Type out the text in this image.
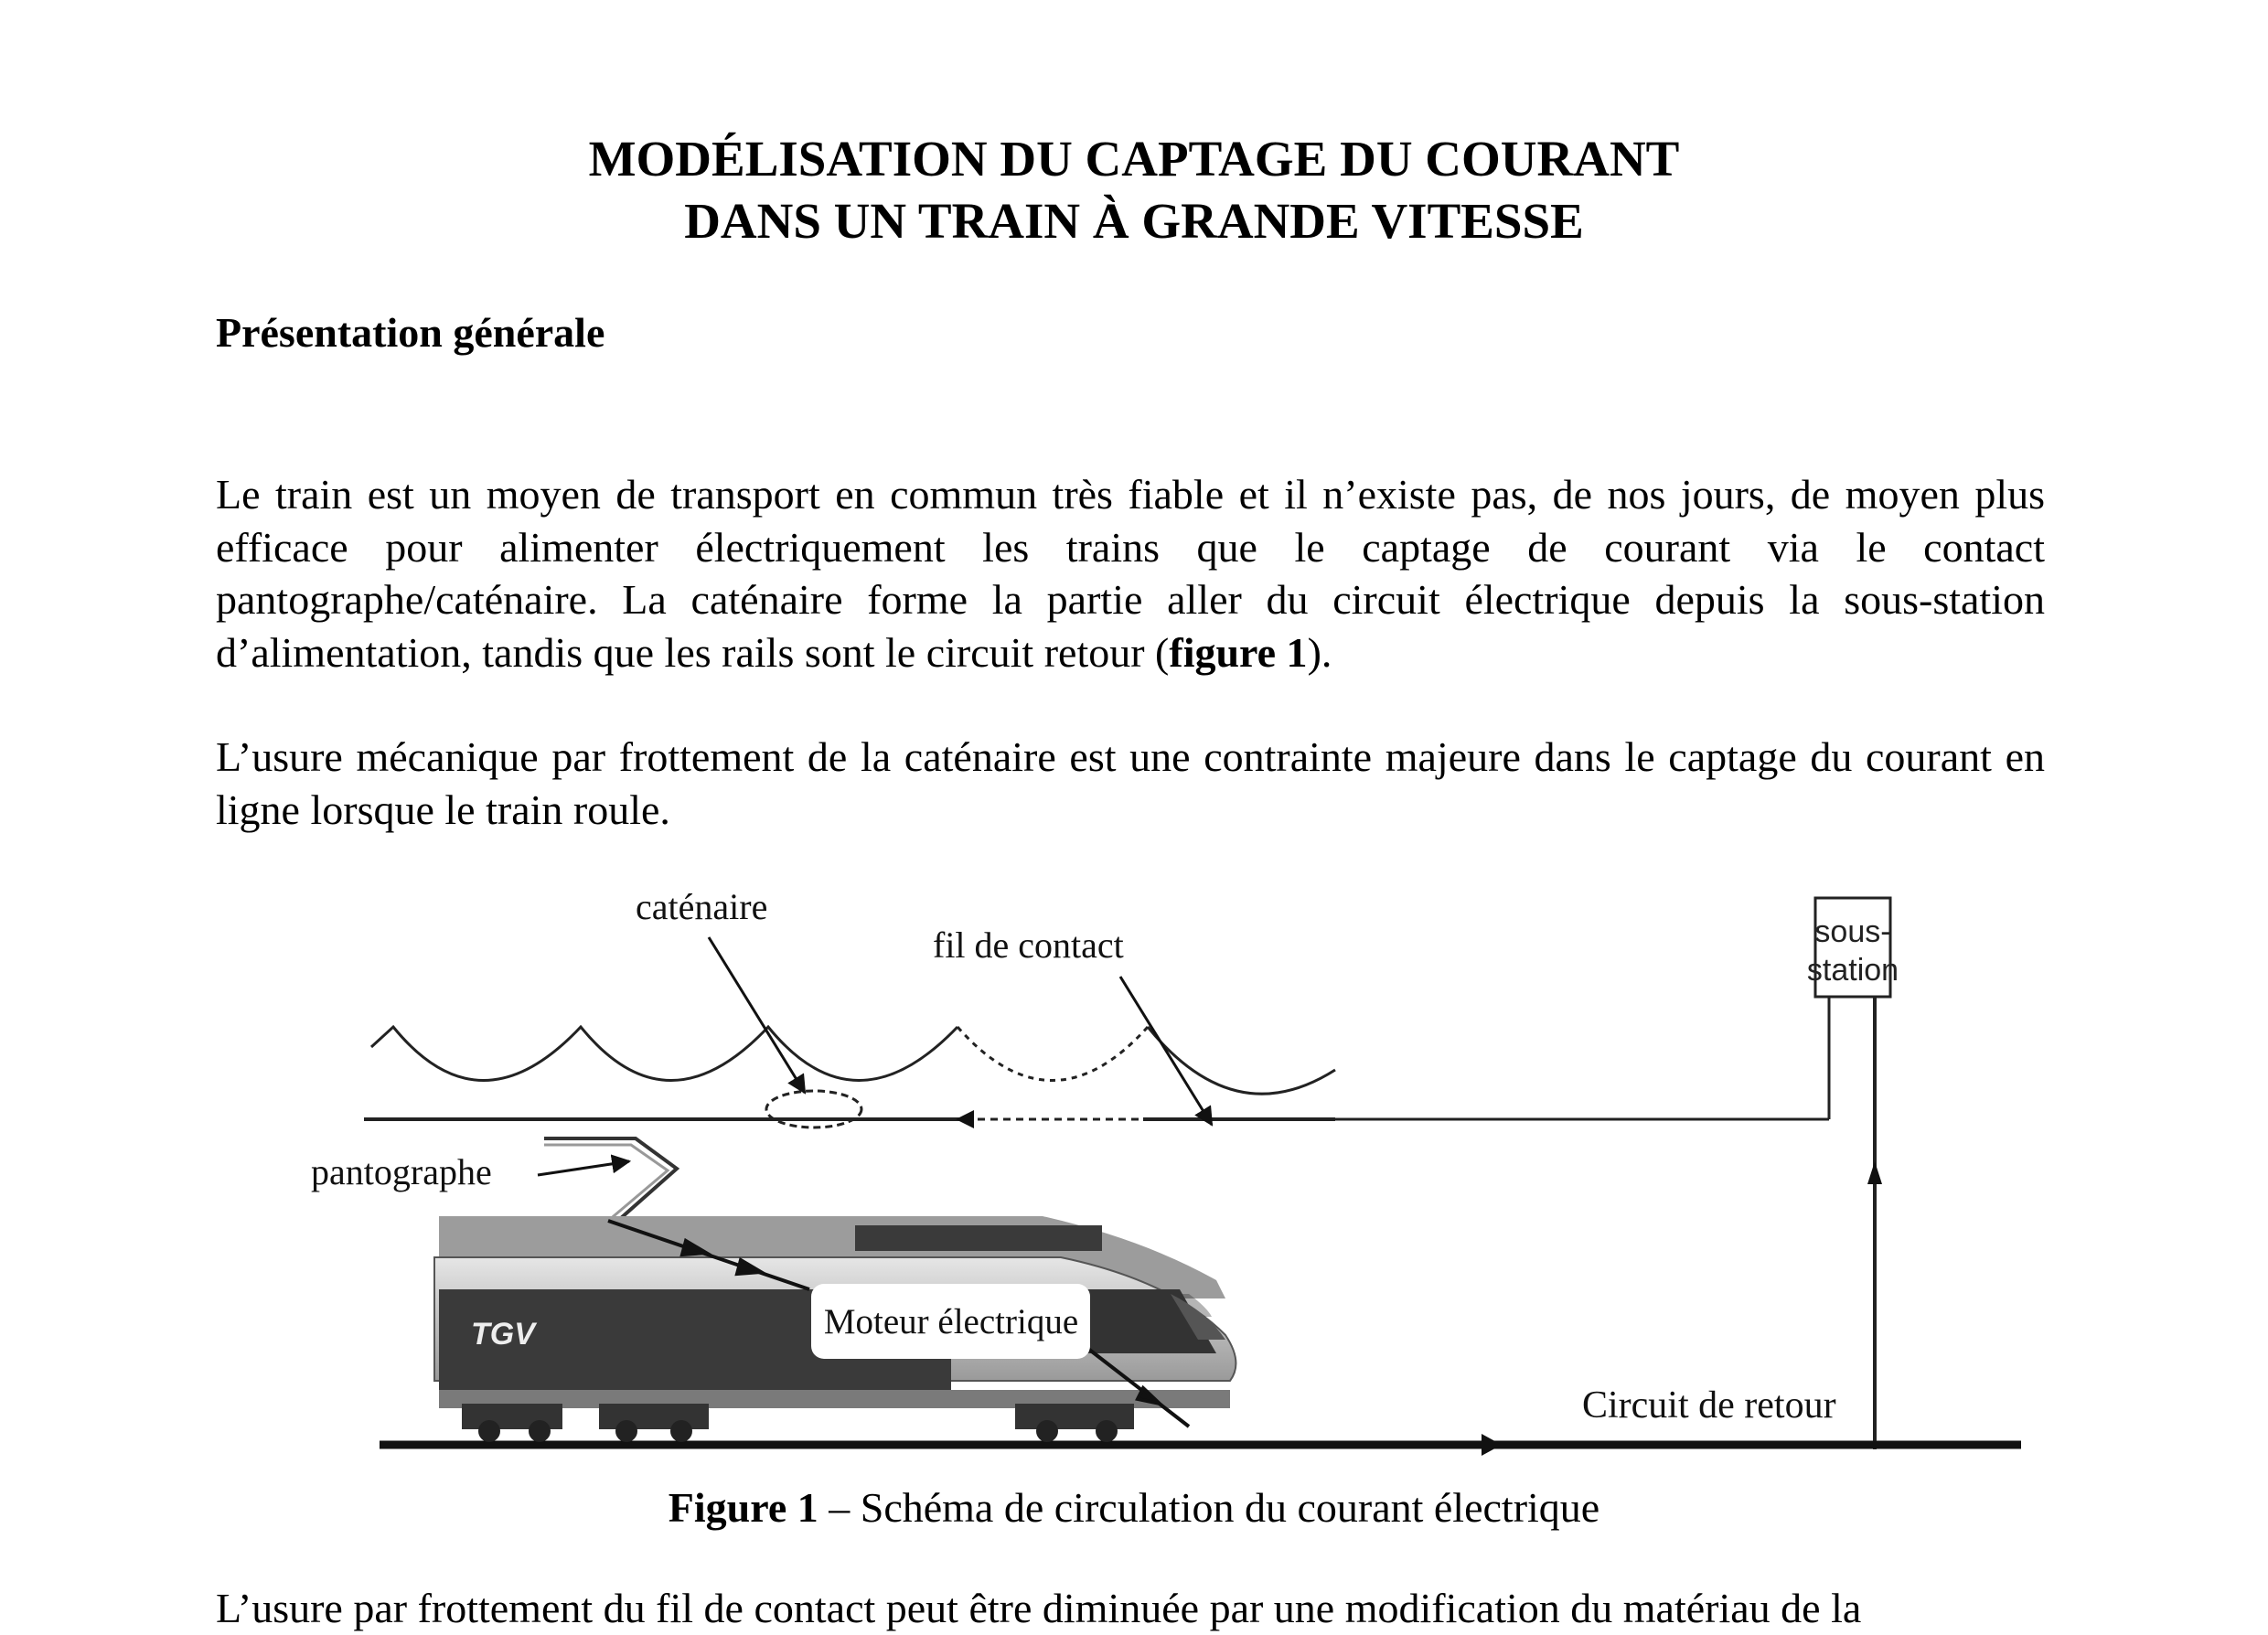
MODÉLISATION DU CAPTAGE DU COURANT
DANS UN TRAIN À GRANDE VITESSE
Présentation générale
Le train est un moyen de transport en commun très fiable et il n’existe pas, de nos jours, de moyen plus efficace pour alimenter électriquement les trains que le captage de courant via le contact pantographe/caténaire. La caténaire forme la partie aller du circuit électrique depuis la sous-station d’alimentation, tandis que les rails sont le circuit retour (figure 1).
L’usure mécanique par frottement de la caténaire est une contrainte majeure dans le captage du courant en ligne lorsque le train roule.
sous-
station
caténaire
fil de contact
pantographe
TGV	Moteur électrique
Circuit de retour
Figure 1 – Schéma de circulation du courant électrique
L’usure par frottement du fil de contact peut être diminuée par une modification du matériau de la
